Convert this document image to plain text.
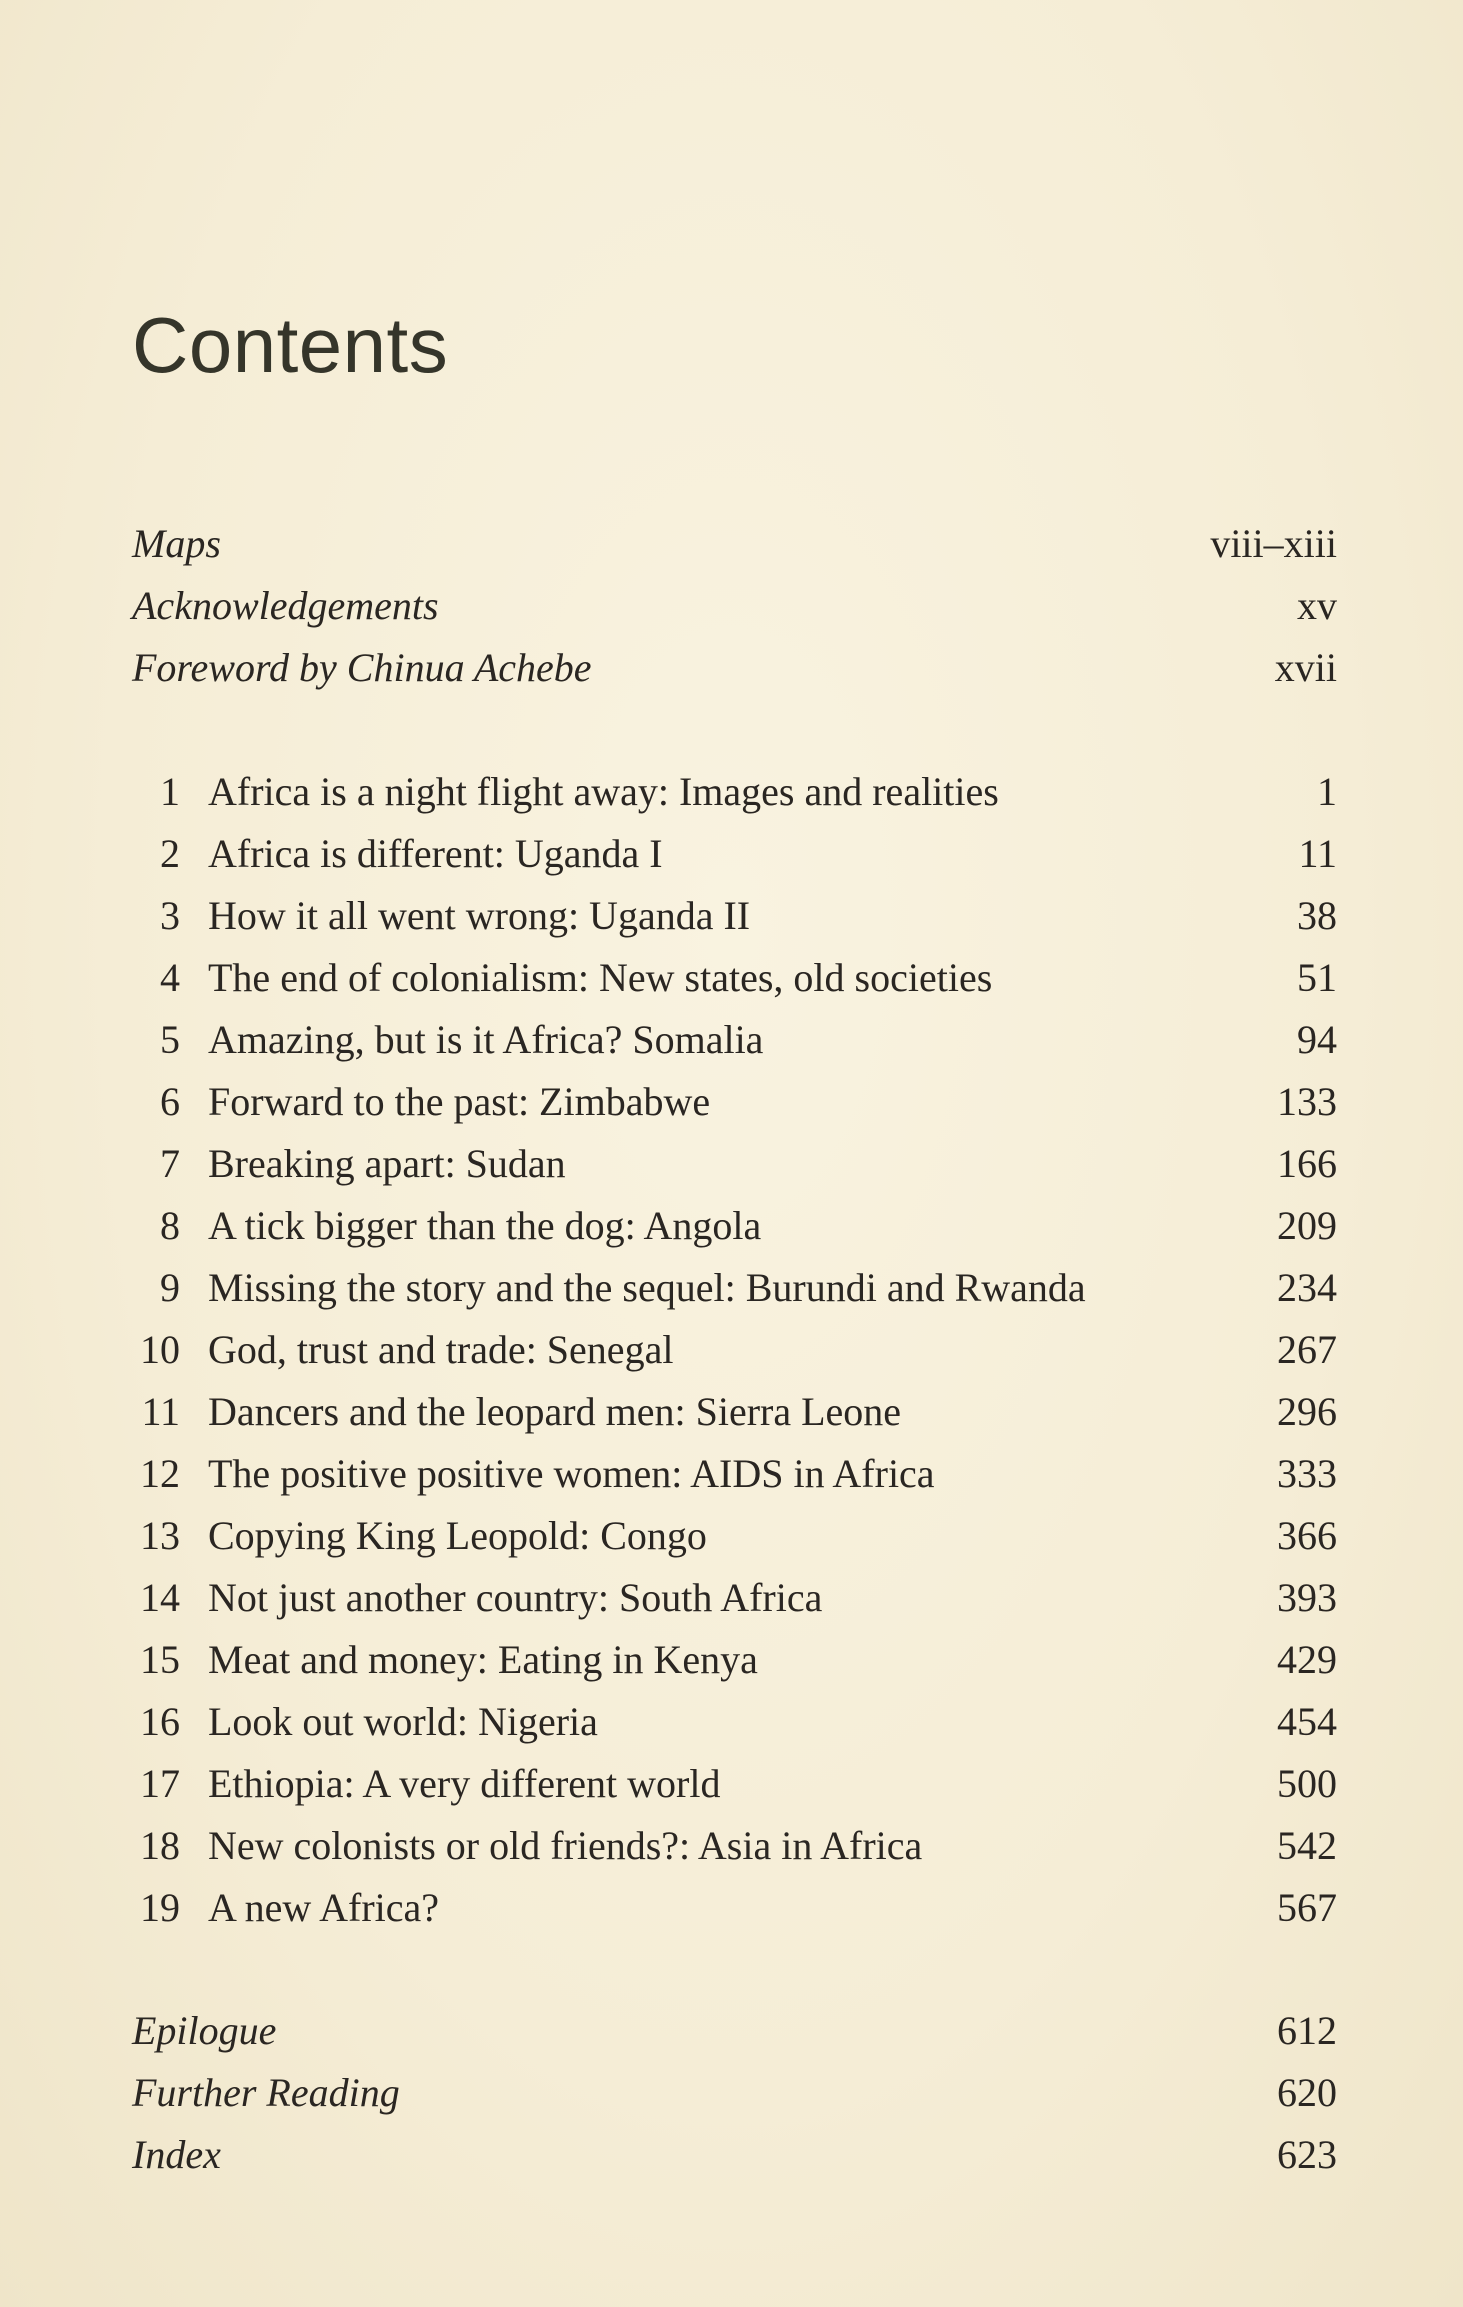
Contents
Maps	viii–xiii
Acknowledgements	xv
Foreword by Chinua Achebe	xvii
1 Africa is a night flight away: Images and realities	1
2 Africa is different: Uganda I	11
3 How it all went wrong: Uganda II	38
4 The end of colonialism: New states, old societies	51
5 Amazing, but is it Africa? Somalia	94
6 Forward to the past: Zimbabwe	133
7 Breaking apart: Sudan	166
8 A tick bigger than the dog: Angola	209
9 Missing the story and the sequel: Burundi and Rwanda	234
10 God, trust and trade: Senegal	267
11 Dancers and the leopard men: Sierra Leone	296
12 The positive positive women: AIDS in Africa	333
13 Copying King Leopold: Congo	366
14 Not just another country: South Africa	393
15 Meat and money: Eating in Kenya	429
16 Look out world: Nigeria	454
17 Ethiopia: A very different world	500
18 New colonists or old friends?: Asia in Africa	542
19 A new Africa?	567
Epilogue	612
Further Reading	620
Index	623
